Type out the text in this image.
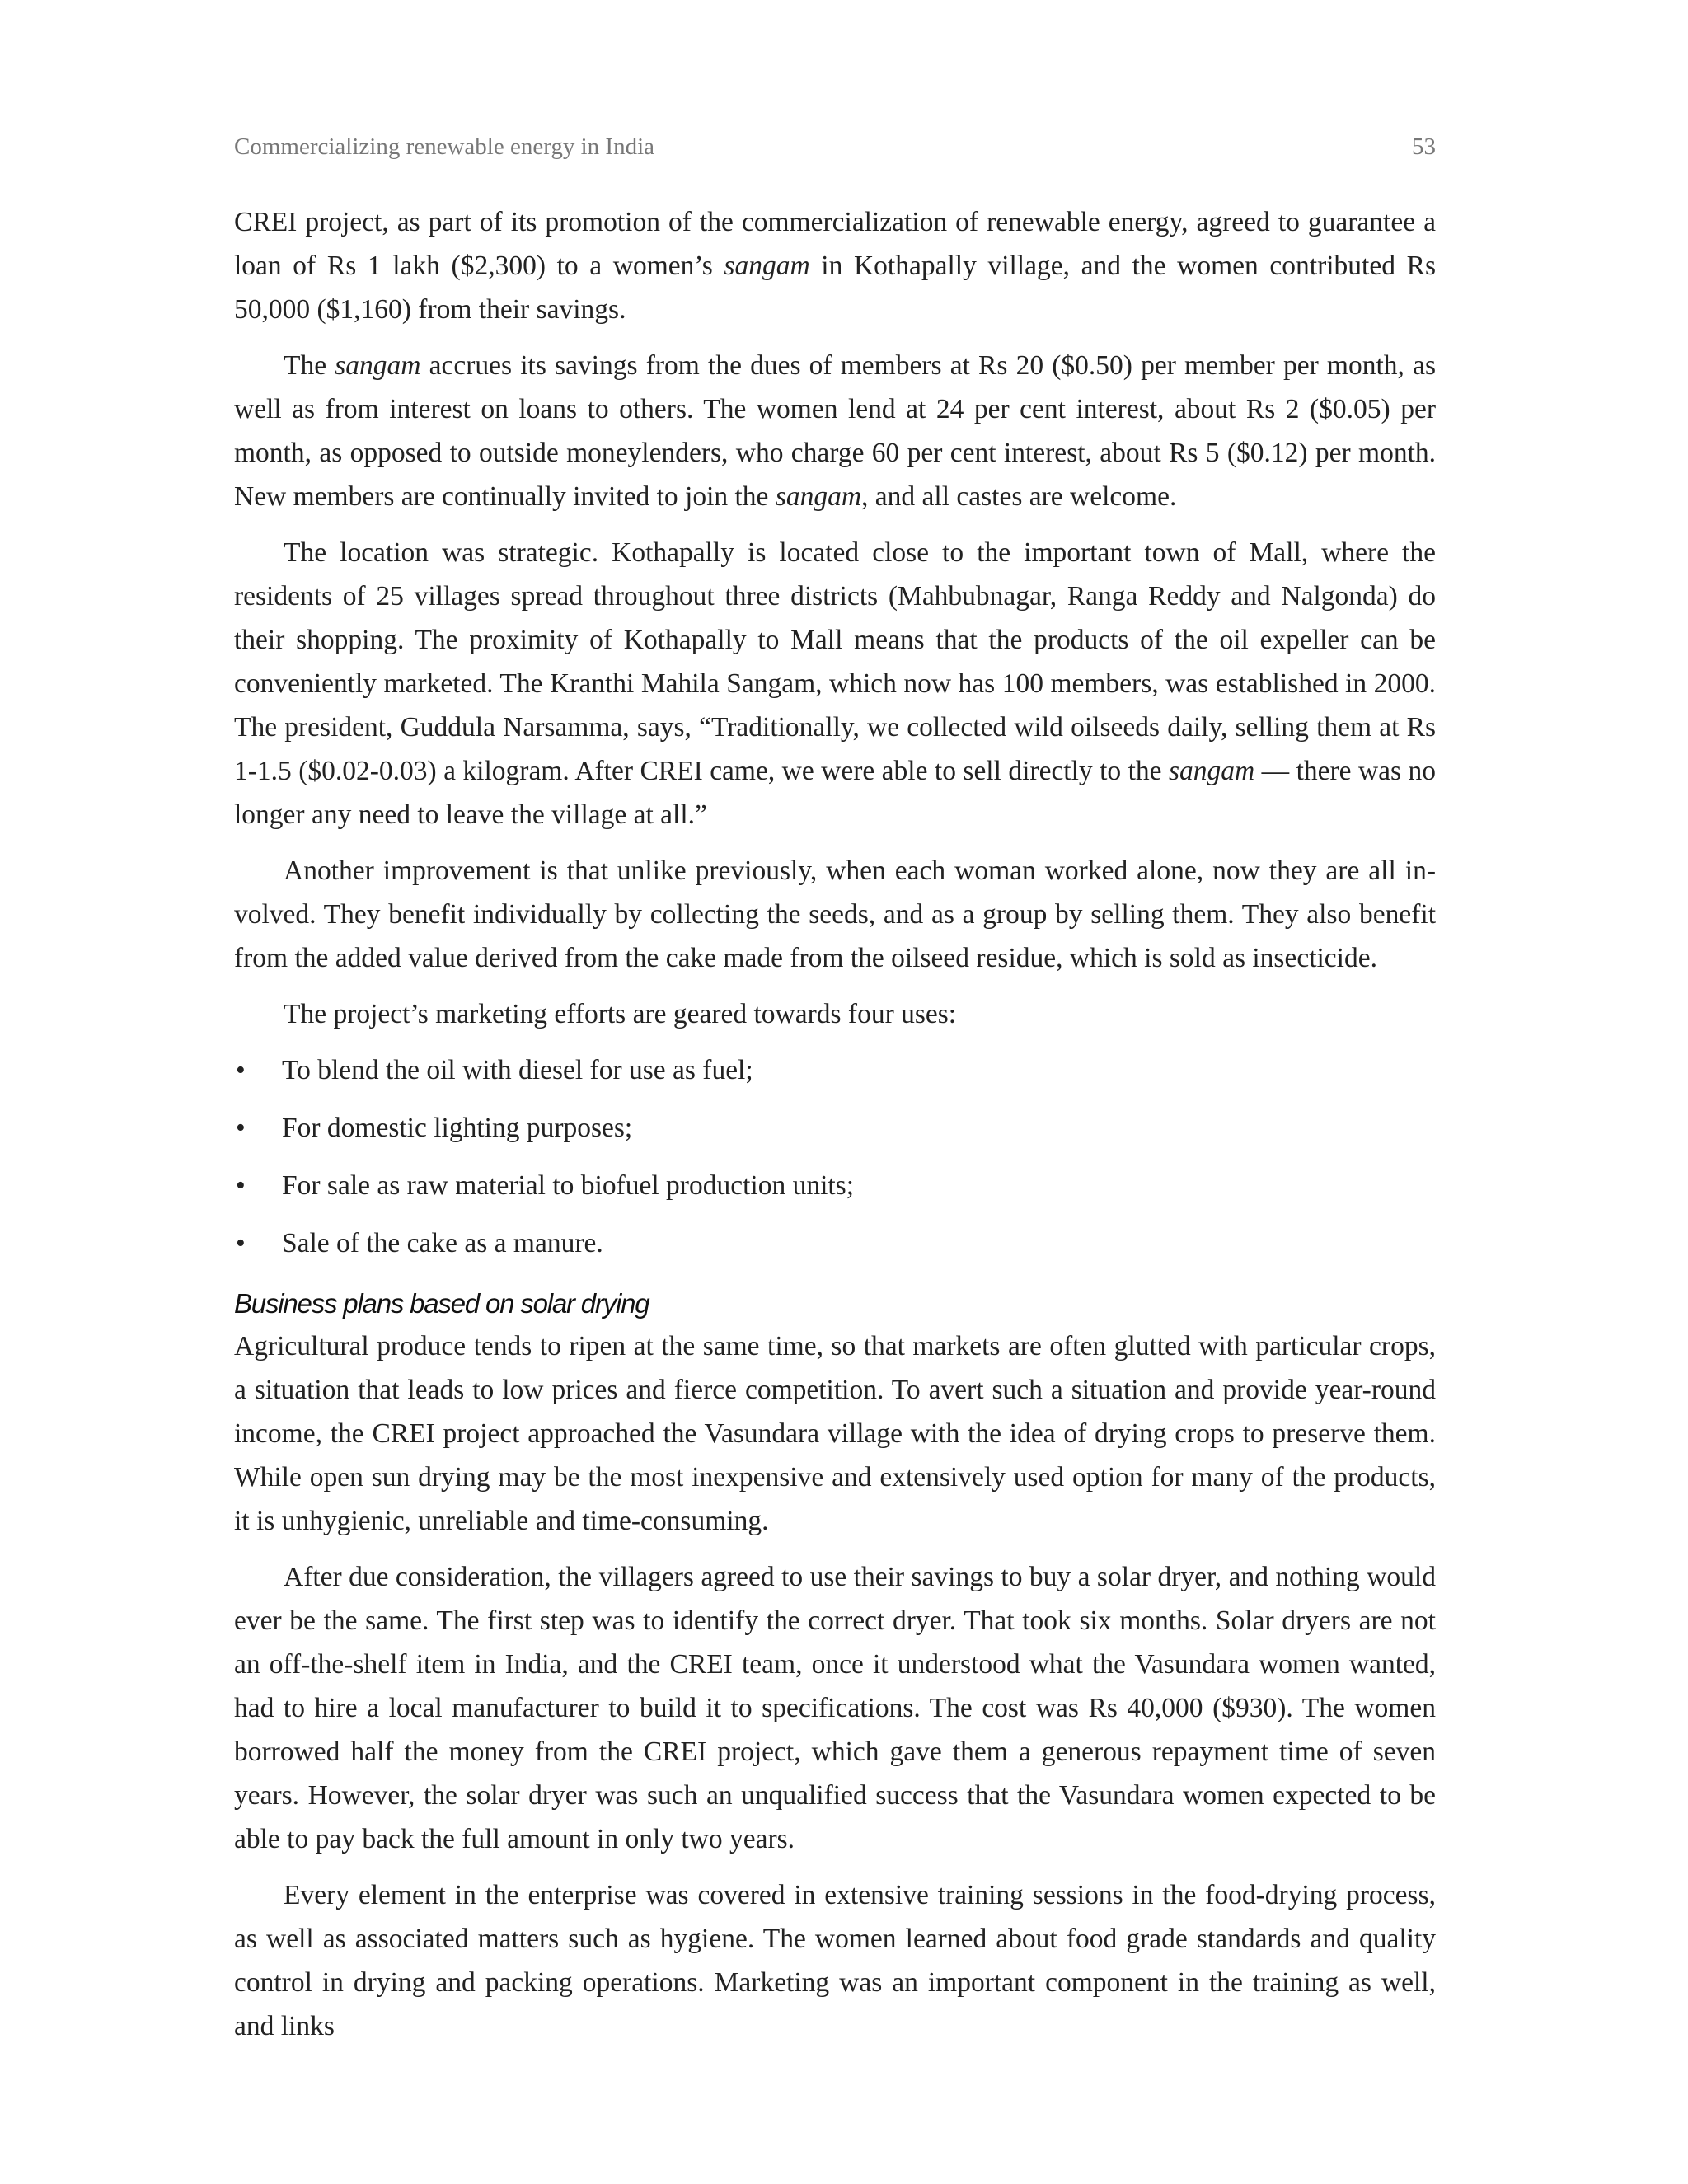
Commercializing renewable energy in India	53

CREI project, as part of its promotion of the commercialization of renewable energy, agreed to guarantee a loan of Rs 1 lakh ($2,300) to a women’s sangam in Kothapally village, and the women contributed Rs 50,000 ($1,160) from their savings.

The sangam accrues its savings from the dues of members at Rs 20 ($0.50) per member per month, as well as from interest on loans to others. The women lend at 24 per cent interest, about Rs 2 ($0.05) per month, as opposed to outside moneylenders, who charge 60 per cent interest, about Rs 5 ($0.12) per month. New members are continually invited to join the sangam, and all castes are welcome.

The location was strategic. Kothapally is located close to the important town of Mall, where the residents of 25 villages spread throughout three districts (Mahbubnagar, Ranga Reddy and Nalgonda) do their shopping. The proximity of Kothapally to Mall means that the products of the oil expeller can be conveniently marketed. The Kranthi Mahila Sangam, which now has 100 members, was established in 2000. The president, Guddula Narsamma, says, “Traditionally, we collected wild oilseeds daily, selling them at Rs 1-1.5 ($0.02-0.03) a kilogram. After CREI came, we were able to sell directly to the sangam — there was no longer any need to leave the village at all.”

Another improvement is that unlike previously, when each woman worked alone, now they are all involved. They benefit individually by collecting the seeds, and as a group by selling them. They also benefit from the added value derived from the cake made from the oilseed residue, which is sold as insecticide.

The project’s marketing efforts are geared towards four uses:

• To blend the oil with diesel for use as fuel;
• For domestic lighting purposes;
• For sale as raw material to biofuel production units;
• Sale of the cake as a manure.
Business plans based on solar drying

Agricultural produce tends to ripen at the same time, so that markets are often glutted with particular crops, a situation that leads to low prices and fierce competition. To avert such a situation and provide year-round income, the CREI project approached the Vasundara village with the idea of drying crops to preserve them. While open sun drying may be the most inexpensive and extensively used option for many of the products, it is unhygienic, unreliable and time-consuming.

After due consideration, the villagers agreed to use their savings to buy a solar dryer, and nothing would ever be the same. The first step was to identify the correct dryer. That took six months. Solar dryers are not an off-the-shelf item in India, and the CREI team, once it understood what the Vasundara women wanted, had to hire a local manufacturer to build it to specifications. The cost was Rs 40,000 ($930). The women borrowed half the money from the CREI project, which gave them a generous repayment time of seven years. However, the solar dryer was such an unqualified success that the Vasundara women expected to be able to pay back the full amount in only two years.

Every element in the enterprise was covered in extensive training sessions in the food-drying process, as well as associated matters such as hygiene. The women learned about food grade standards and quality control in drying and packing operations. Marketing was an important component in the training as well, and links
